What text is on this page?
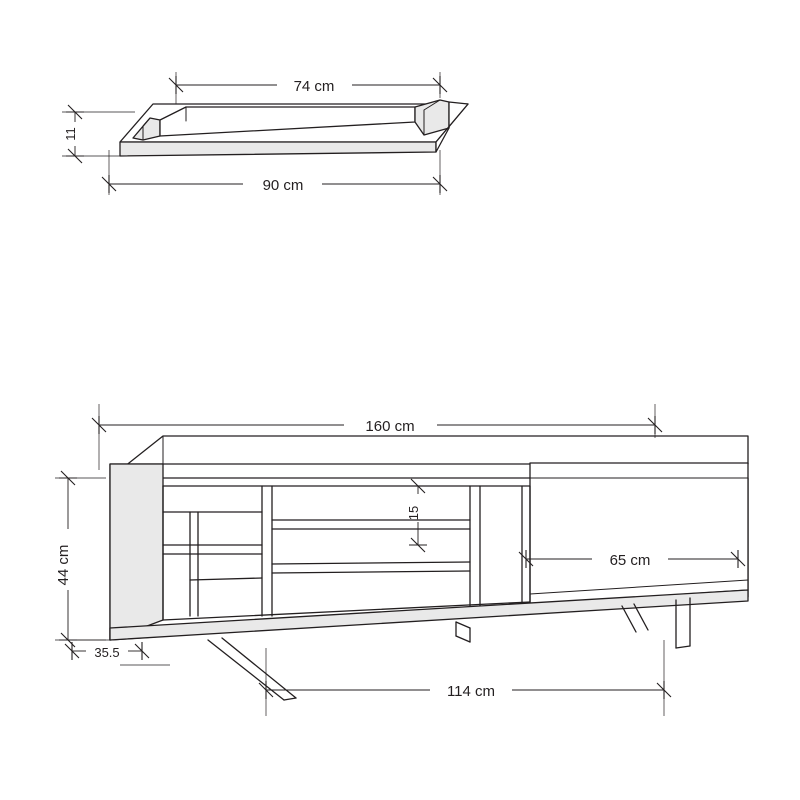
74 cm
90 cm
11
160 cm
44 cm
35.5
15
65 cm
114 cm
